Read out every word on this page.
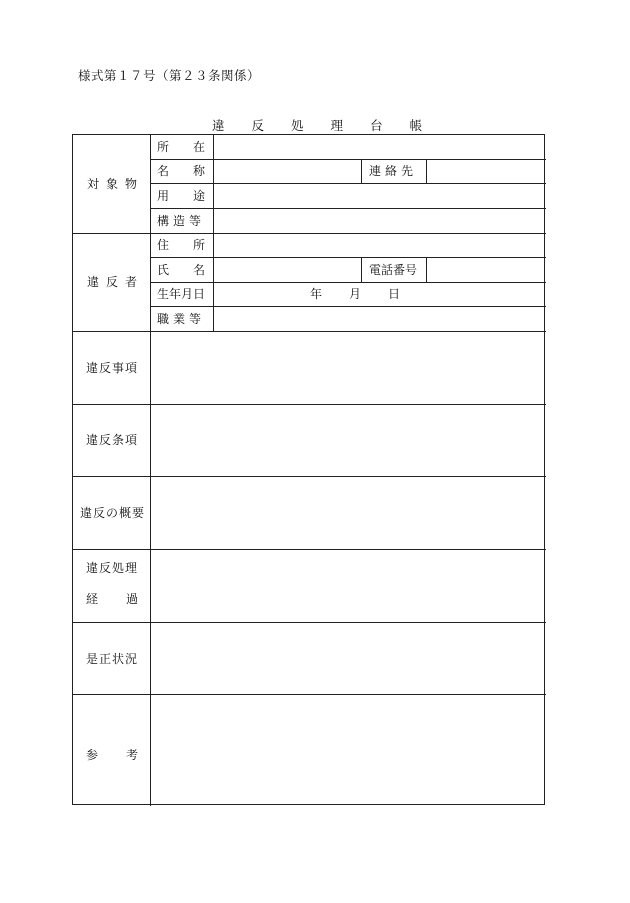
様式第１７号（第２３条関係）
違 反 処 理 台 帳
対象物
所在
名称	連絡先
用途
構造等
違反者
住所
氏名	電話番号
生年月日	年 月 日
職業等
違反事項
違反条項
違反の概要
違反処理
経過
是正状況
参考
